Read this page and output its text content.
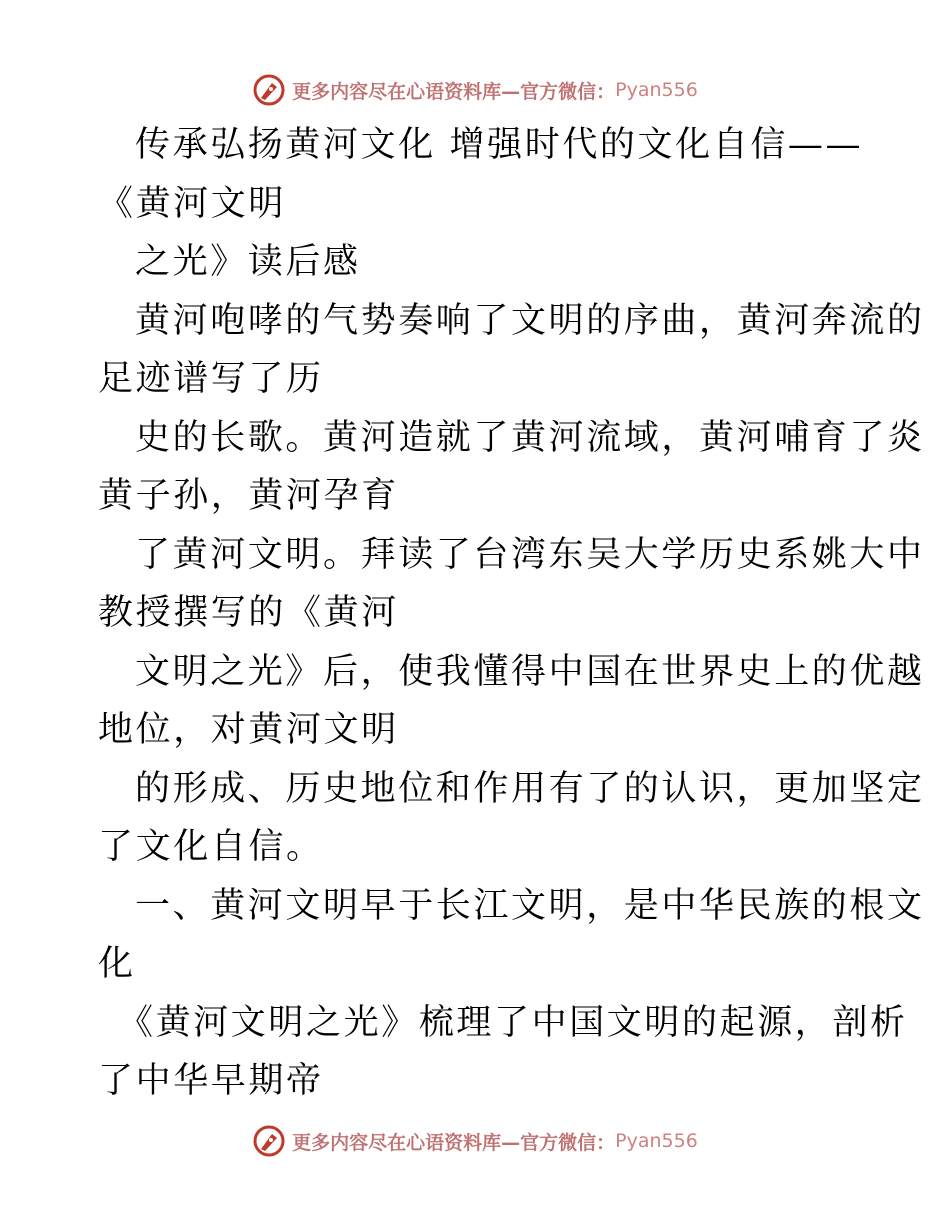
更多内容尽在心语资料库—官方微信： Pyan556
传承弘扬黄河文化 增强时代的文化自信——
《黄河文明
之光》读后感
黄河咆哮的气势奏响了文明的序曲，黄河奔流的
足迹谱写了历
史的长歌。黄河造就了黄河流域，黄河哺育了炎
黄子孙，黄河孕育
了黄河文明。拜读了台湾东吴大学历史系姚大中
教授撰写的《黄河
文明之光》后，使我懂得中国在世界史上的优越
地位，对黄河文明
的形成、历史地位和作用有了的认识，更加坚定
了文化自信。
一、黄河文明早于长江文明，是中华民族的根文
化
《黄河文明之光》梳理了中国文明的起源，剖析
了中华早期帝
更多内容尽在心语资料库—官方微信： Pyan556
